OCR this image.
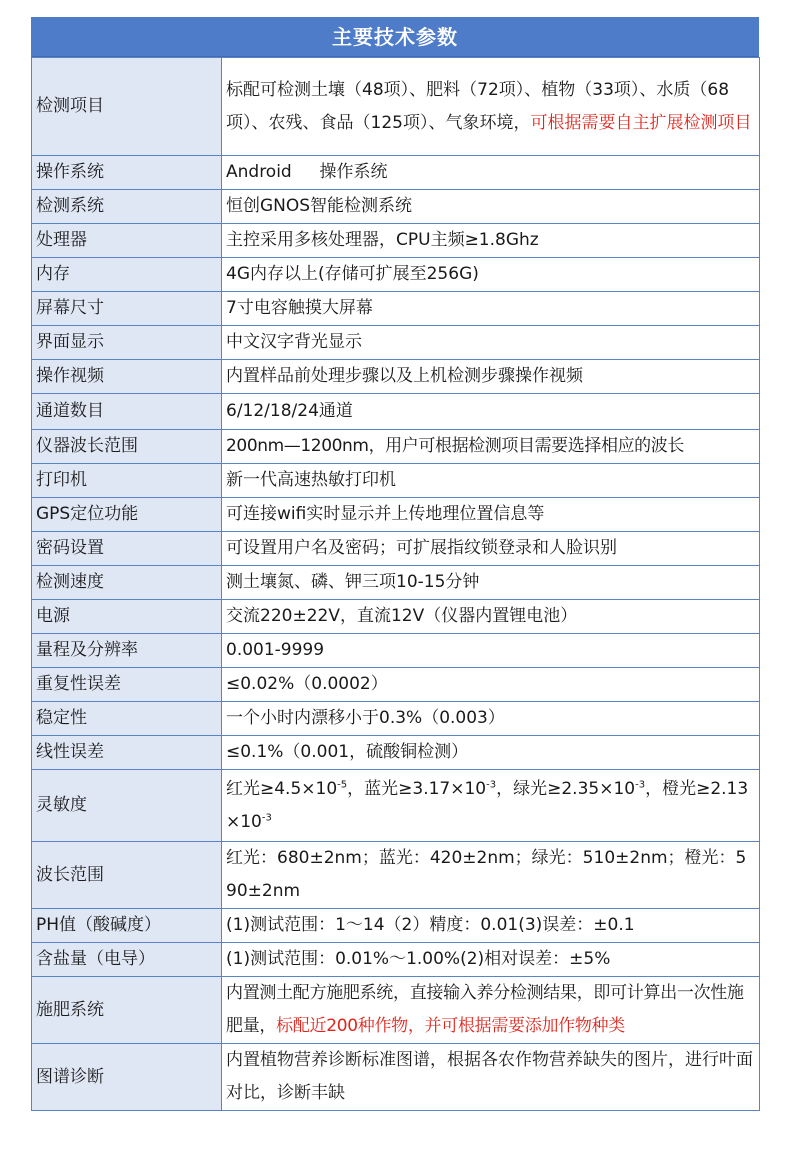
主要技术参数
检测项目	标配可检测土壤（48项）、肥料（72项）、植物（33项）、水质（68项）、农残、食品（125项）、气象环境，可根据需要自主扩展检测项目
操作系统	Android　  操作系统
检测系统	恒创GNOS智能检测系统
处理器	主控采用多核处理器，CPU主频≥1.8Ghz
内存	4G内存以上(存储可扩展至256G)
屏幕尺寸	7寸电容触摸大屏幕
界面显示	中文汉字背光显示
操作视频	内置样品前处理步骤以及上机检测步骤操作视频
通道数目	6/12/18/24通道
仪器波长范围	200nm—1200nm，用户可根据检测项目需要选择相应的波长
打印机	新一代高速热敏打印机
GPS定位功能	可连接wifi实时显示并上传地理位置信息等
密码设置	可设置用户名及密码；可扩展指纹锁登录和人脸识别
检测速度	测土壤氮、磷、钾三项10-15分钟
电源	交流220±22V，直流12V（仪器内置锂电池）
量程及分辨率	0.001-9999
重复性误差	≤0.02%（0.0002）
稳定性	一个小时内漂移小于0.3%（0.003）
线性误差	≤0.1%（0.001，硫酸铜检测）
灵敏度	红光$\ge 4.5\times 10^{-5}$，蓝光$\ge 3.17\times 10^{-3}$，绿光$\ge 2.35\times 10^{-3}$，橙光$\ge 2.13\times 10^{-3}$
波长范围	红光：680±2nm；蓝光：420±2nm；绿光：510±2nm；橙光：590±2nm
PH值（酸碱度）	(1)测试范围：1～14（2）精度：0.01(3)误差：±0.1
含盐量（电导）	(1)测试范围：0.01%～1.00%(2)相对误差：±5%
施肥系统	内置测土配方施肥系统，直接输入养分检测结果，即可计算出一次性施肥量，标配近200种作物，并可根据需要添加作物种类
图谱诊断	内置植物营养诊断标准图谱，根据各农作物营养缺失的图片，进行叶面对比，诊断丰缺
